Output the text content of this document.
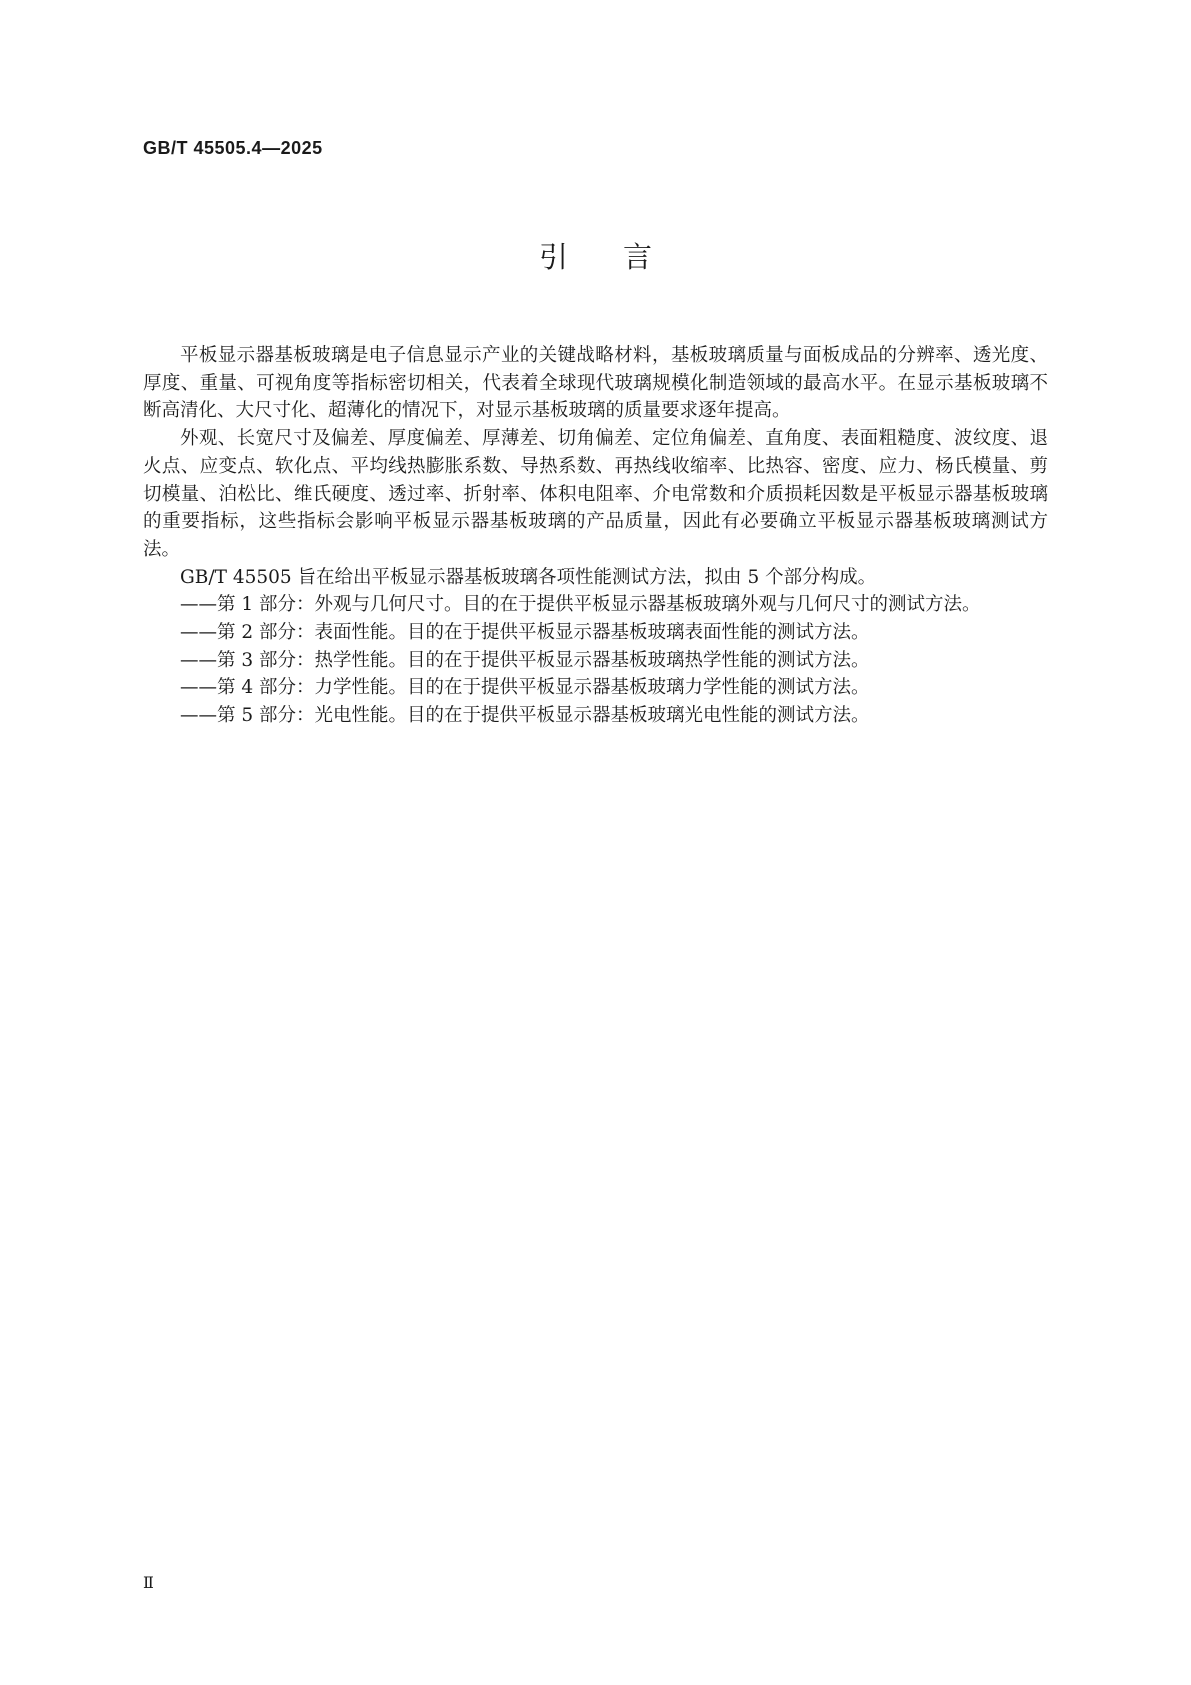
GB/T 45505.4—2025

引言

平板显示器基板玻璃是电子信息显示产业的关键战略材料，基板玻璃质量与面板成品的分辨率、透光度、厚度、重量、可视角度等指标密切相关，代表着全球现代玻璃规模化制造领域的最高水平。在显示基板玻璃不断高清化、大尺寸化、超薄化的情况下，对显示基板玻璃的质量要求逐年提高。

外观、长宽尺寸及偏差、厚度偏差、厚薄差、切角偏差、定位角偏差、直角度、表面粗糙度、波纹度、退火点、应变点、软化点、平均线热膨胀系数、导热系数、再热线收缩率、比热容、密度、应力、杨氏模量、剪切模量、泊松比、维氏硬度、透过率、折射率、体积电阻率、介电常数和介质损耗因数是平板显示器基板玻璃的重要指标，这些指标会影响平板显示器基板玻璃的产品质量，因此有必要确立平板显示器基板玻璃测试方法。

GB/T 45505 旨在给出平板显示器基板玻璃各项性能测试方法，拟由 5 个部分构成。

——第 1 部分：外观与几何尺寸。目的在于提供平板显示器基板玻璃外观与几何尺寸的测试方法。

——第 2 部分：表面性能。目的在于提供平板显示器基板玻璃表面性能的测试方法。

——第 3 部分：热学性能。目的在于提供平板显示器基板玻璃热学性能的测试方法。

——第 4 部分：力学性能。目的在于提供平板显示器基板玻璃力学性能的测试方法。

——第 5 部分：光电性能。目的在于提供平板显示器基板玻璃光电性能的测试方法。

Ⅱ
